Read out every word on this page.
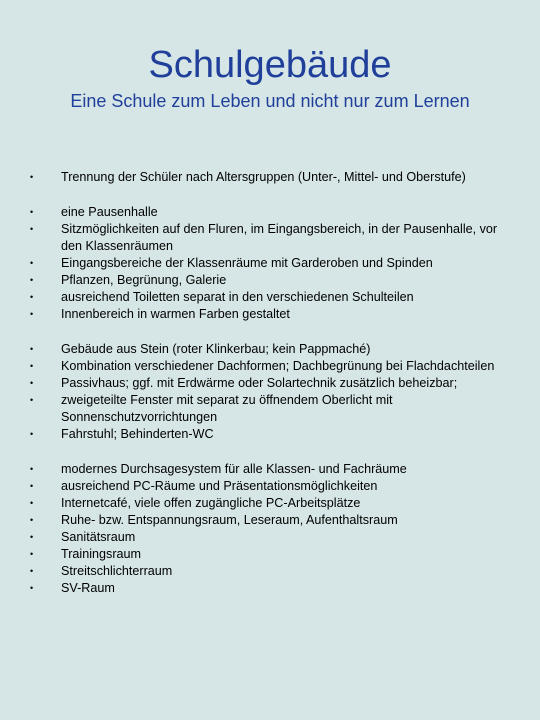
Schulgebäude
Eine Schule zum Leben und nicht nur zum Lernen
•	Trennung der Schüler nach Altersgruppen (Unter-, Mittel- und Oberstufe)
•	eine Pausenhalle
•	Sitzmöglichkeiten auf den Fluren, im Eingangsbereich, in der Pausenhalle, vor den Klassenräumen
•	Eingangsbereiche der Klassenräume mit Garderoben und Spinden
•	Pflanzen, Begrünung, Galerie
•	ausreichend Toiletten separat in den verschiedenen Schulteilen
•	Innenbereich in warmen Farben gestaltet
•	Gebäude aus Stein (roter Klinkerbau; kein Pappmaché)
•	Kombination verschiedener Dachformen; Dachbegrünung bei Flachdachteilen
•	Passivhaus; ggf. mit Erdwärme oder Solartechnik zusätzlich beheizbar;
•	zweigeteilte Fenster mit separat zu öffnendem Oberlicht mit Sonnenschutzvorrichtungen
•	Fahrstuhl; Behinderten-WC
•	modernes Durchsagesystem für alle Klassen- und Fachräume
•	ausreichend PC-Räume und Präsentationsmöglichkeiten
•	Internetcafé, viele offen zugängliche PC-Arbeitsplätze
•	Ruhe- bzw. Entspannungsraum, Leseraum, Aufenthaltsraum
•	Sanitätsraum
•	Trainingsraum
•	Streitschlichterraum
•	SV-Raum
